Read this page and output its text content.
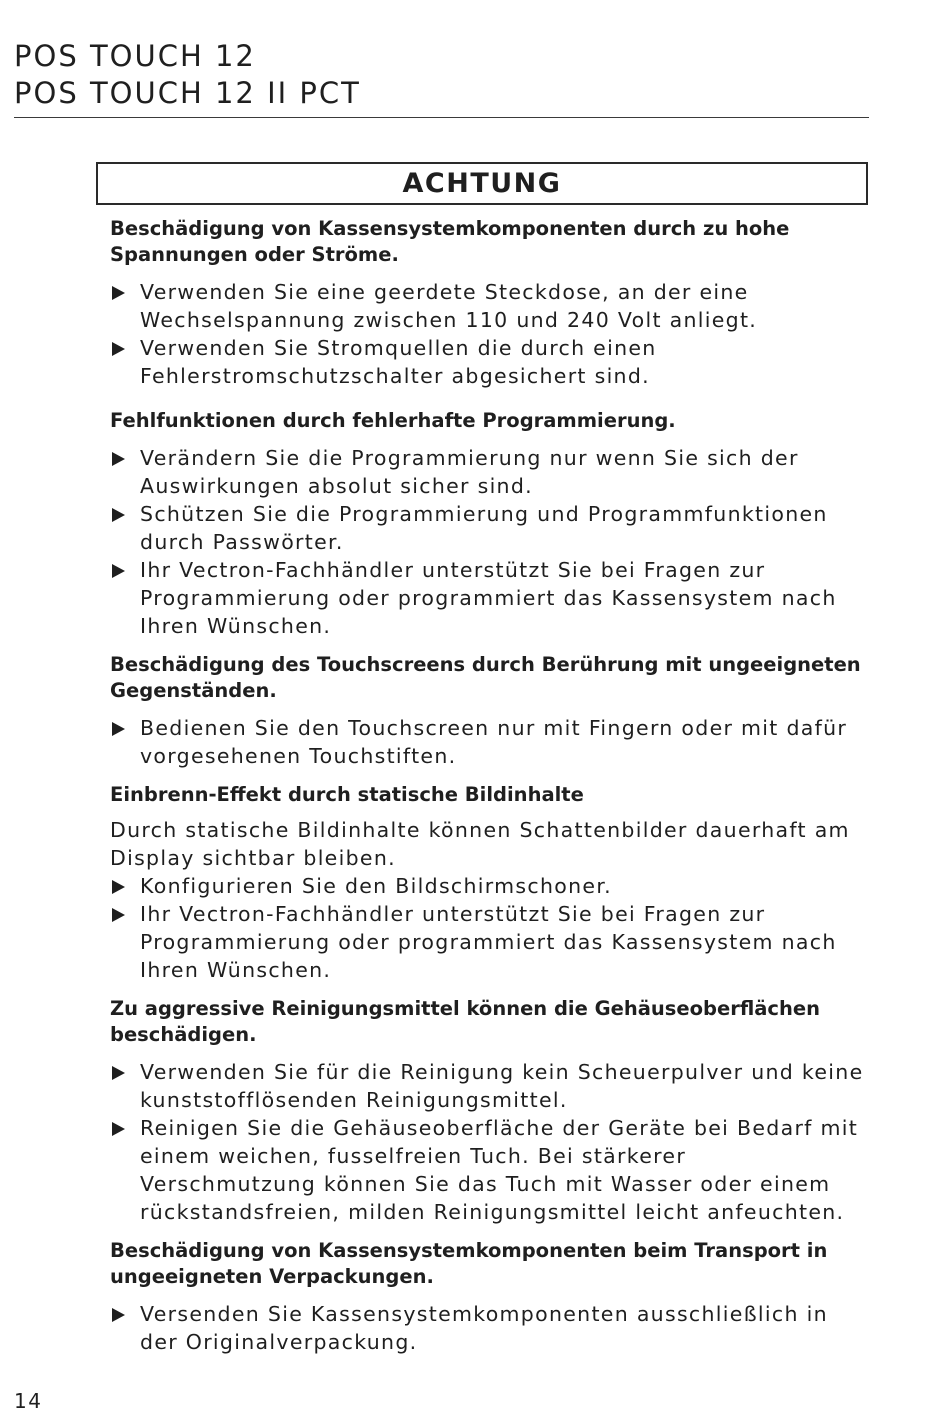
POS TOUCH 12

POS TOUCH 12 II PCT

ACHTUNG

Beschädigung von Kassensystemkomponenten durch zu hohe Spannungen oder Ströme.

Verwenden Sie eine geerdete Steckdose, an der eine Wechselspannung zwischen 110 und 240 Volt anliegt.
Verwenden Sie Stromquellen die durch einen Fehlerstromschutzschalter abgesichert sind.

Fehlfunktionen durch fehlerhafte Programmierung.

Verändern Sie die Programmierung nur wenn Sie sich der Auswirkungen absolut sicher sind.
Schützen Sie die Programmierung und Programmfunktionen durch Passwörter.
Ihr Vectron-Fachhändler unterstützt Sie bei Fragen zur Programmierung oder programmiert das Kassensystem nach Ihren Wünschen.

Beschädigung des Touchscreens durch Berührung mit ungeeigneten Gegenständen.

Bedienen Sie den Touchscreen nur mit Fingern oder mit dafür vorgesehenen Touchstiften.

Einbrenn-Effekt durch statische Bildinhalte

Durch statische Bildinhalte können Schattenbilder dauerhaft am Display sichtbar bleiben.

Konfigurieren Sie den Bildschirmschoner.
Ihr Vectron-Fachhändler unterstützt Sie bei Fragen zur Programmierung oder programmiert das Kassensystem nach Ihren Wünschen.

Zu aggressive Reinigungsmittel können die Gehäuseoberflächen beschädigen.

Verwenden Sie für die Reinigung kein Scheuerpulver und keine kunststofflösenden Reinigungsmittel.
Reinigen Sie die Gehäuseoberfläche der Geräte bei Bedarf mit einem weichen, fusselfreien Tuch. Bei stärkerer Verschmutzung können Sie das Tuch mit Wasser oder einem rückstandsfreien, milden Reinigungsmittel leicht anfeuchten.

Beschädigung von Kassensystemkomponenten beim Transport in ungeeigneten Verpackungen.

Versenden Sie Kassensystemkomponenten ausschließlich in der Originalverpackung.
14
